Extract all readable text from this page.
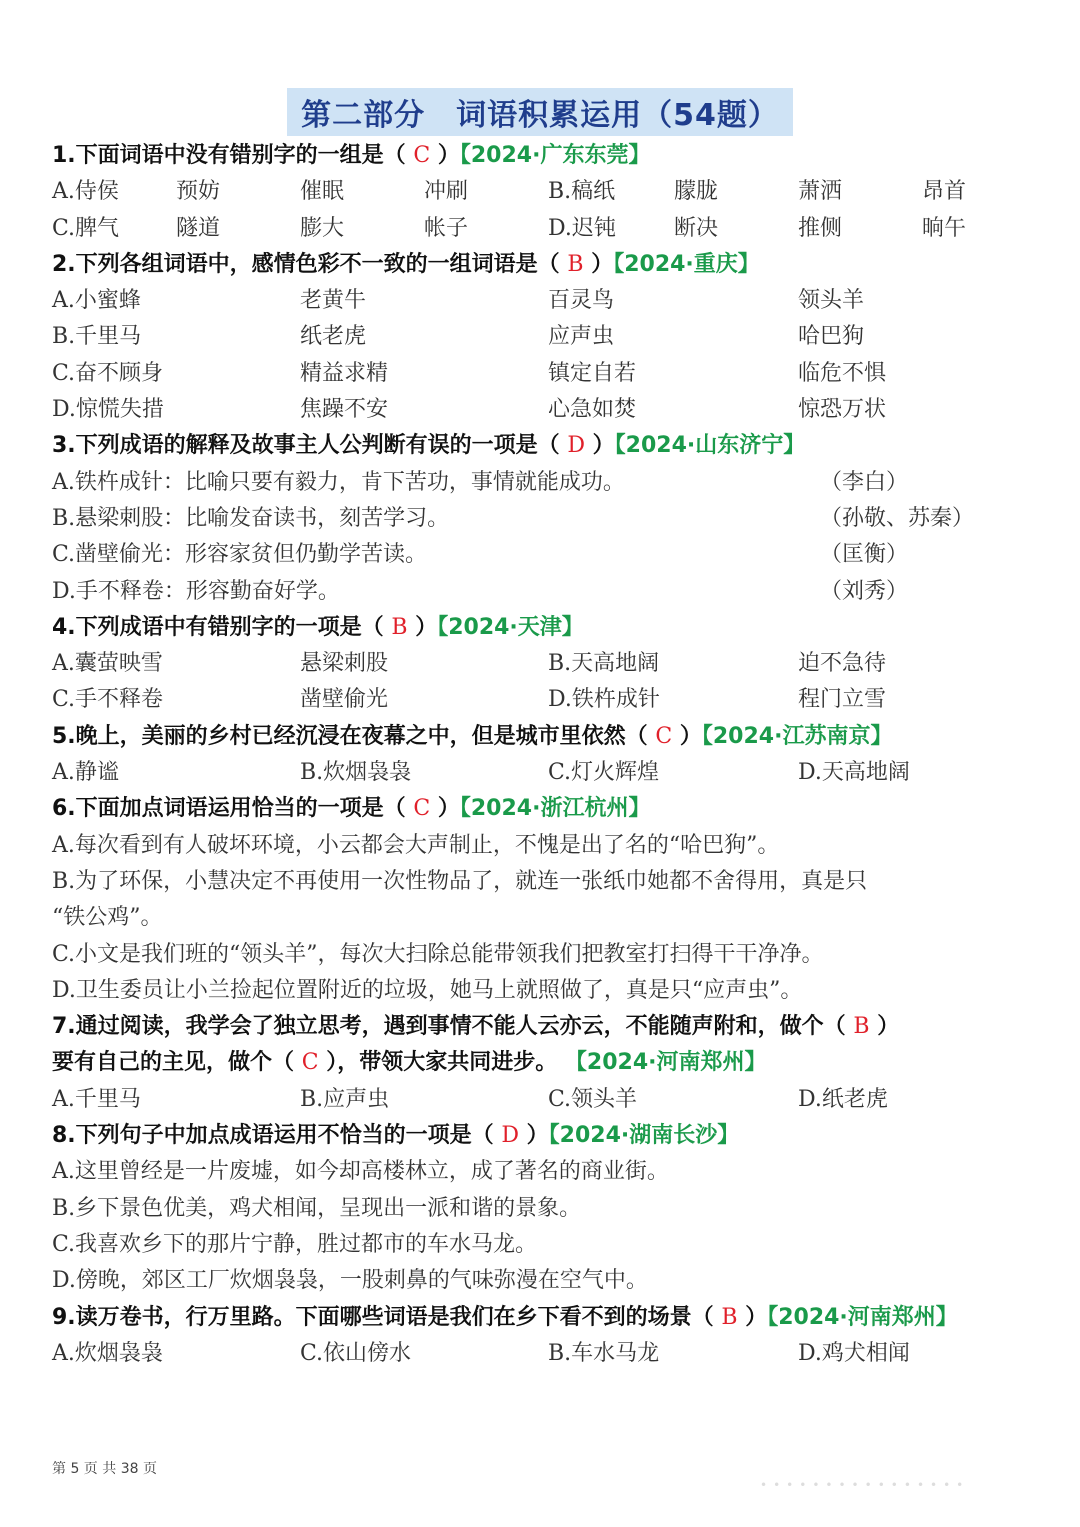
第二部分　词语积累运用（54题）
1.下面词语中没有错别字的一组是（ C ）【2024·广东东莞】
A.侍侯	预妨	催眠	冲刷	B.稿纸	朦胧	萧洒	昂首
C.脾气	隧道	膨大	帐子	D.迟钝	断决	推侧	晌午
2.下列各组词语中，感情色彩不一致的一组词语是（ B ）【2024·重庆】
A.小蜜蜂	老黄牛	百灵鸟	领头羊
B.千里马	纸老虎	应声虫	哈巴狗
C.奋不顾身	精益求精	镇定自若	临危不惧
D.惊慌失措	焦躁不安	心急如焚	惊恐万状
3.下列成语的解释及故事主人公判断有误的一项是（ D ）【2024·山东济宁】
A.铁杵成针：比喻只要有毅力，肯下苦功，事情就能成功。	（李白）
B.悬梁刺股：比喻发奋读书，刻苦学习。	（孙敬、苏秦）
C.凿壁偷光：形容家贫但仍勤学苦读。	（匡衡）
D.手不释卷：形容勤奋好学。	（刘秀）
4.下列成语中有错别字的一项是（ B ）【2024·天津】
A.囊萤映雪	悬梁刺股	B.天高地阔	迫不急待
C.手不释卷	凿壁偷光	D.铁杵成针	程门立雪
5.晚上，美丽的乡村已经沉浸在夜幕之中，但是城市里依然（ C ）【2024·江苏南京】
A.静谧	B.炊烟袅袅	C.灯火辉煌	D.天高地阔
6.下面加点词语运用恰当的一项是（ C ）【2024·浙江杭州】
A.每次看到有人破坏环境，小云都会大声制止，不愧是出了名的“哈巴狗”。
B.为了环保，小慧决定不再使用一次性物品了，就连一张纸巾她都不舍得用，真是只
“铁公鸡”。
C.小文是我们班的“领头羊”，每次大扫除总能带领我们把教室打扫得干干净净。
D.卫生委员让小兰捡起位置附近的垃圾，她马上就照做了，真是只“应声虫”。
7.通过阅读，我学会了独立思考，遇到事情不能人云亦云，不能随声附和，做个（ B ）
要有自己的主见，做个（ C ），带领大家共同进步。 【2024·河南郑州】
A.千里马	B.应声虫	C.领头羊	D.纸老虎
8.下列句子中加点成语运用不恰当的一项是（ D ）【2024·湖南长沙】
A.这里曾经是一片废墟，如今却高楼林立，成了著名的商业街。
B.乡下景色优美，鸡犬相闻，呈现出一派和谐的景象。
C.我喜欢乡下的那片宁静，胜过都市的车水马龙。
D.傍晚，郊区工厂炊烟袅袅，一股刺鼻的气味弥漫在空气中。
9.读万卷书，行万里路。下面哪些词语是我们在乡下看不到的场景（ B ）【2024·河南郑州】
A.炊烟袅袅	C.依山傍水	B.车水马龙	D.鸡犬相闻
第 5 页 共 38 页
••••••••••••••••
